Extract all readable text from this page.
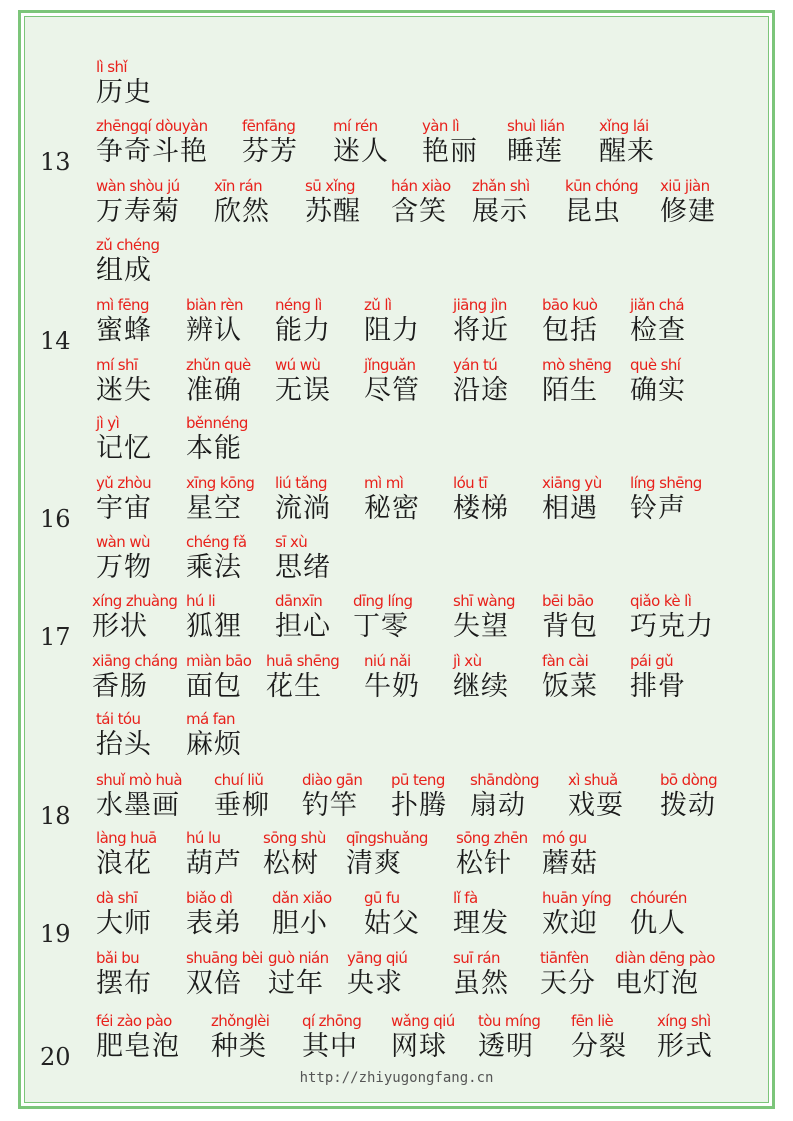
lì shǐ
历史
13
zhēngqí dòuyàn
争奇斗艳
fēnfāng
芬芳
mí rén
迷人
yàn lì
艳丽
shuì lián
睡莲
xǐng lái
醒来
wàn shòu jú
万寿菊
xīn rán
欣然
sū xǐng
苏醒
hán xiào
含笑
zhǎn shì
展示
kūn chóng
昆虫
xiū jiàn
修建
zǔ chéng
组成
14
mì fēng
蜜蜂
biàn rèn
辨认
néng lì
能力
zǔ lì
阻力
jiāng jìn
将近
bāo kuò
包括
jiǎn chá
检查
mí shī
迷失
zhǔn què
准确
wú wù
无误
jǐnguǎn
尽管
yán tú
沿途
mò shēng
陌生
què shí
确实
jì yì
记忆
běnnéng
本能
16
yǔ zhòu
宇宙
xīng kōng
星空
liú tǎng
流淌
mì mì
秘密
lóu tī
楼梯
xiāng yù
相遇
líng shēng
铃声
wàn wù
万物
chéng fǎ
乘法
sī xù
思绪
17
xíng zhuàng
形状
hú li
狐狸
dānxīn
担心
dīng líng
丁零
shī wàng
失望
bēi bāo
背包
qiǎo kè lì
巧克力
xiāng cháng
香肠
miàn bāo
面包
huā shēng
花生
niú nǎi
牛奶
jì xù
继续
fàn cài
饭菜
pái gǔ
排骨
tái tóu
抬头
má fan
麻烦
18
shuǐ mò huà
水墨画
chuí liǔ
垂柳
diào gān
钓竿
pū teng
扑腾
shāndòng
扇动
xì shuǎ
戏耍
bō dòng
拨动
làng huā
浪花
hú lu
葫芦
sōng shù
松树
qīngshuǎng
清爽
sōng zhēn
松针
mó gu
蘑菇
19
dà shī
大师
biǎo dì
表弟
dǎn xiǎo
胆小
gū fu
姑父
lǐ fà
理发
huān yíng
欢迎
chóurén
仇人
bǎi bu
摆布
shuāng bèi
双倍
guò nián
过年
yāng qiú
央求
suī rán
虽然
tiānfèn
天分
diàn dēng pào
电灯泡
20
féi zào pào
肥皂泡
zhǒnglèi
种类
qí zhōng
其中
wǎng qiú
网球
tòu míng
透明
fēn liè
分裂
xíng shì
形式
http://zhiyugongfang.cn
